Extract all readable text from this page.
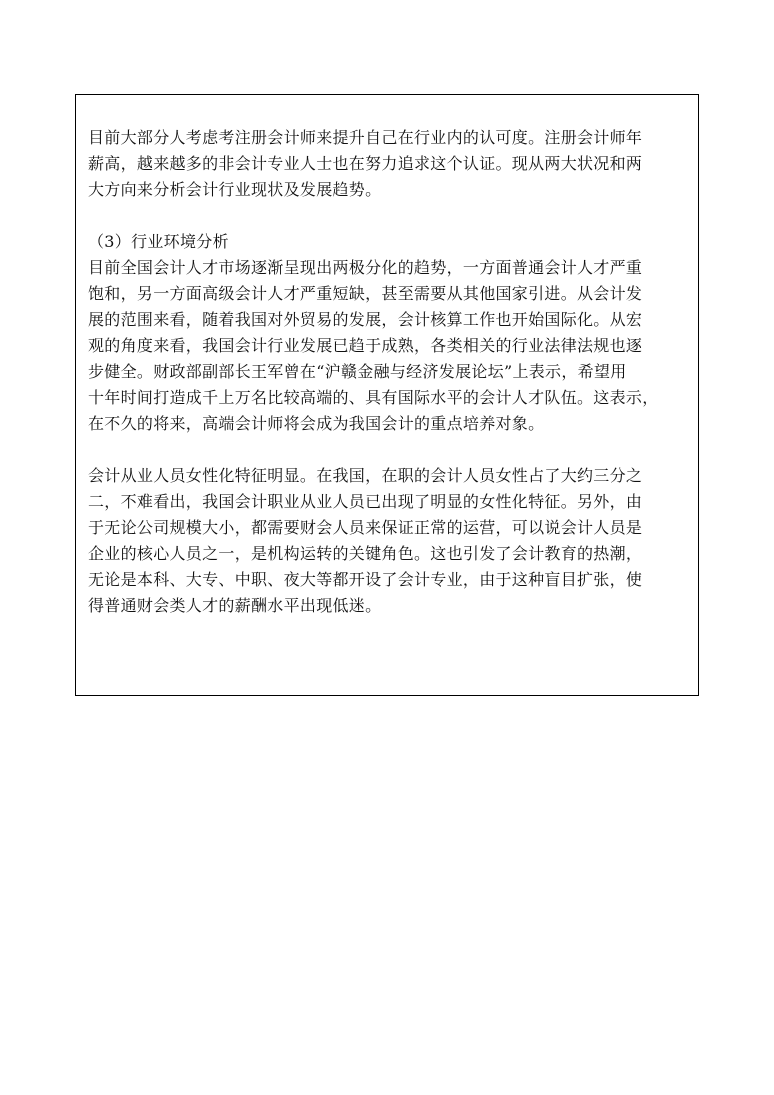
目前大部分人考虑考注册会计师来提升自己在行业内的认可度。注册会计师年
薪高，越来越多的非会计专业人士也在努力追求这个认证。现从两大状况和两
大方向来分析会计行业现状及发展趋势。

（3）行业环境分析

目前全国会计人才市场逐渐呈现出两极分化的趋势，一方面普通会计人才严重
饱和，另一方面高级会计人才严重短缺，甚至需要从其他国家引进。从会计发
展的范围来看，随着我国对外贸易的发展，会计核算工作也开始国际化。从宏
观的角度来看，我国会计行业发展已趋于成熟，各类相关的行业法律法规也逐
步健全。财政部副部长王军曾在“沪赣金融与经济发展论坛”上表示，希望用
十年时间打造成千上万名比较高端的、具有国际水平的会计人才队伍。这表示，
在不久的将来，高端会计师将会成为我国会计的重点培养对象。

会计从业人员女性化特征明显。在我国，在职的会计人员女性占了大约三分之
二，不难看出，我国会计职业从业人员已出现了明显的女性化特征。另外，由
于无论公司规模大小，都需要财会人员来保证正常的运营，可以说会计人员是
企业的核心人员之一，是机构运转的关键角色。这也引发了会计教育的热潮，
无论是本科、大专、中职、夜大等都开设了会计专业，由于这种盲目扩张，使
得普通财会类人才的薪酬水平出现低迷。
